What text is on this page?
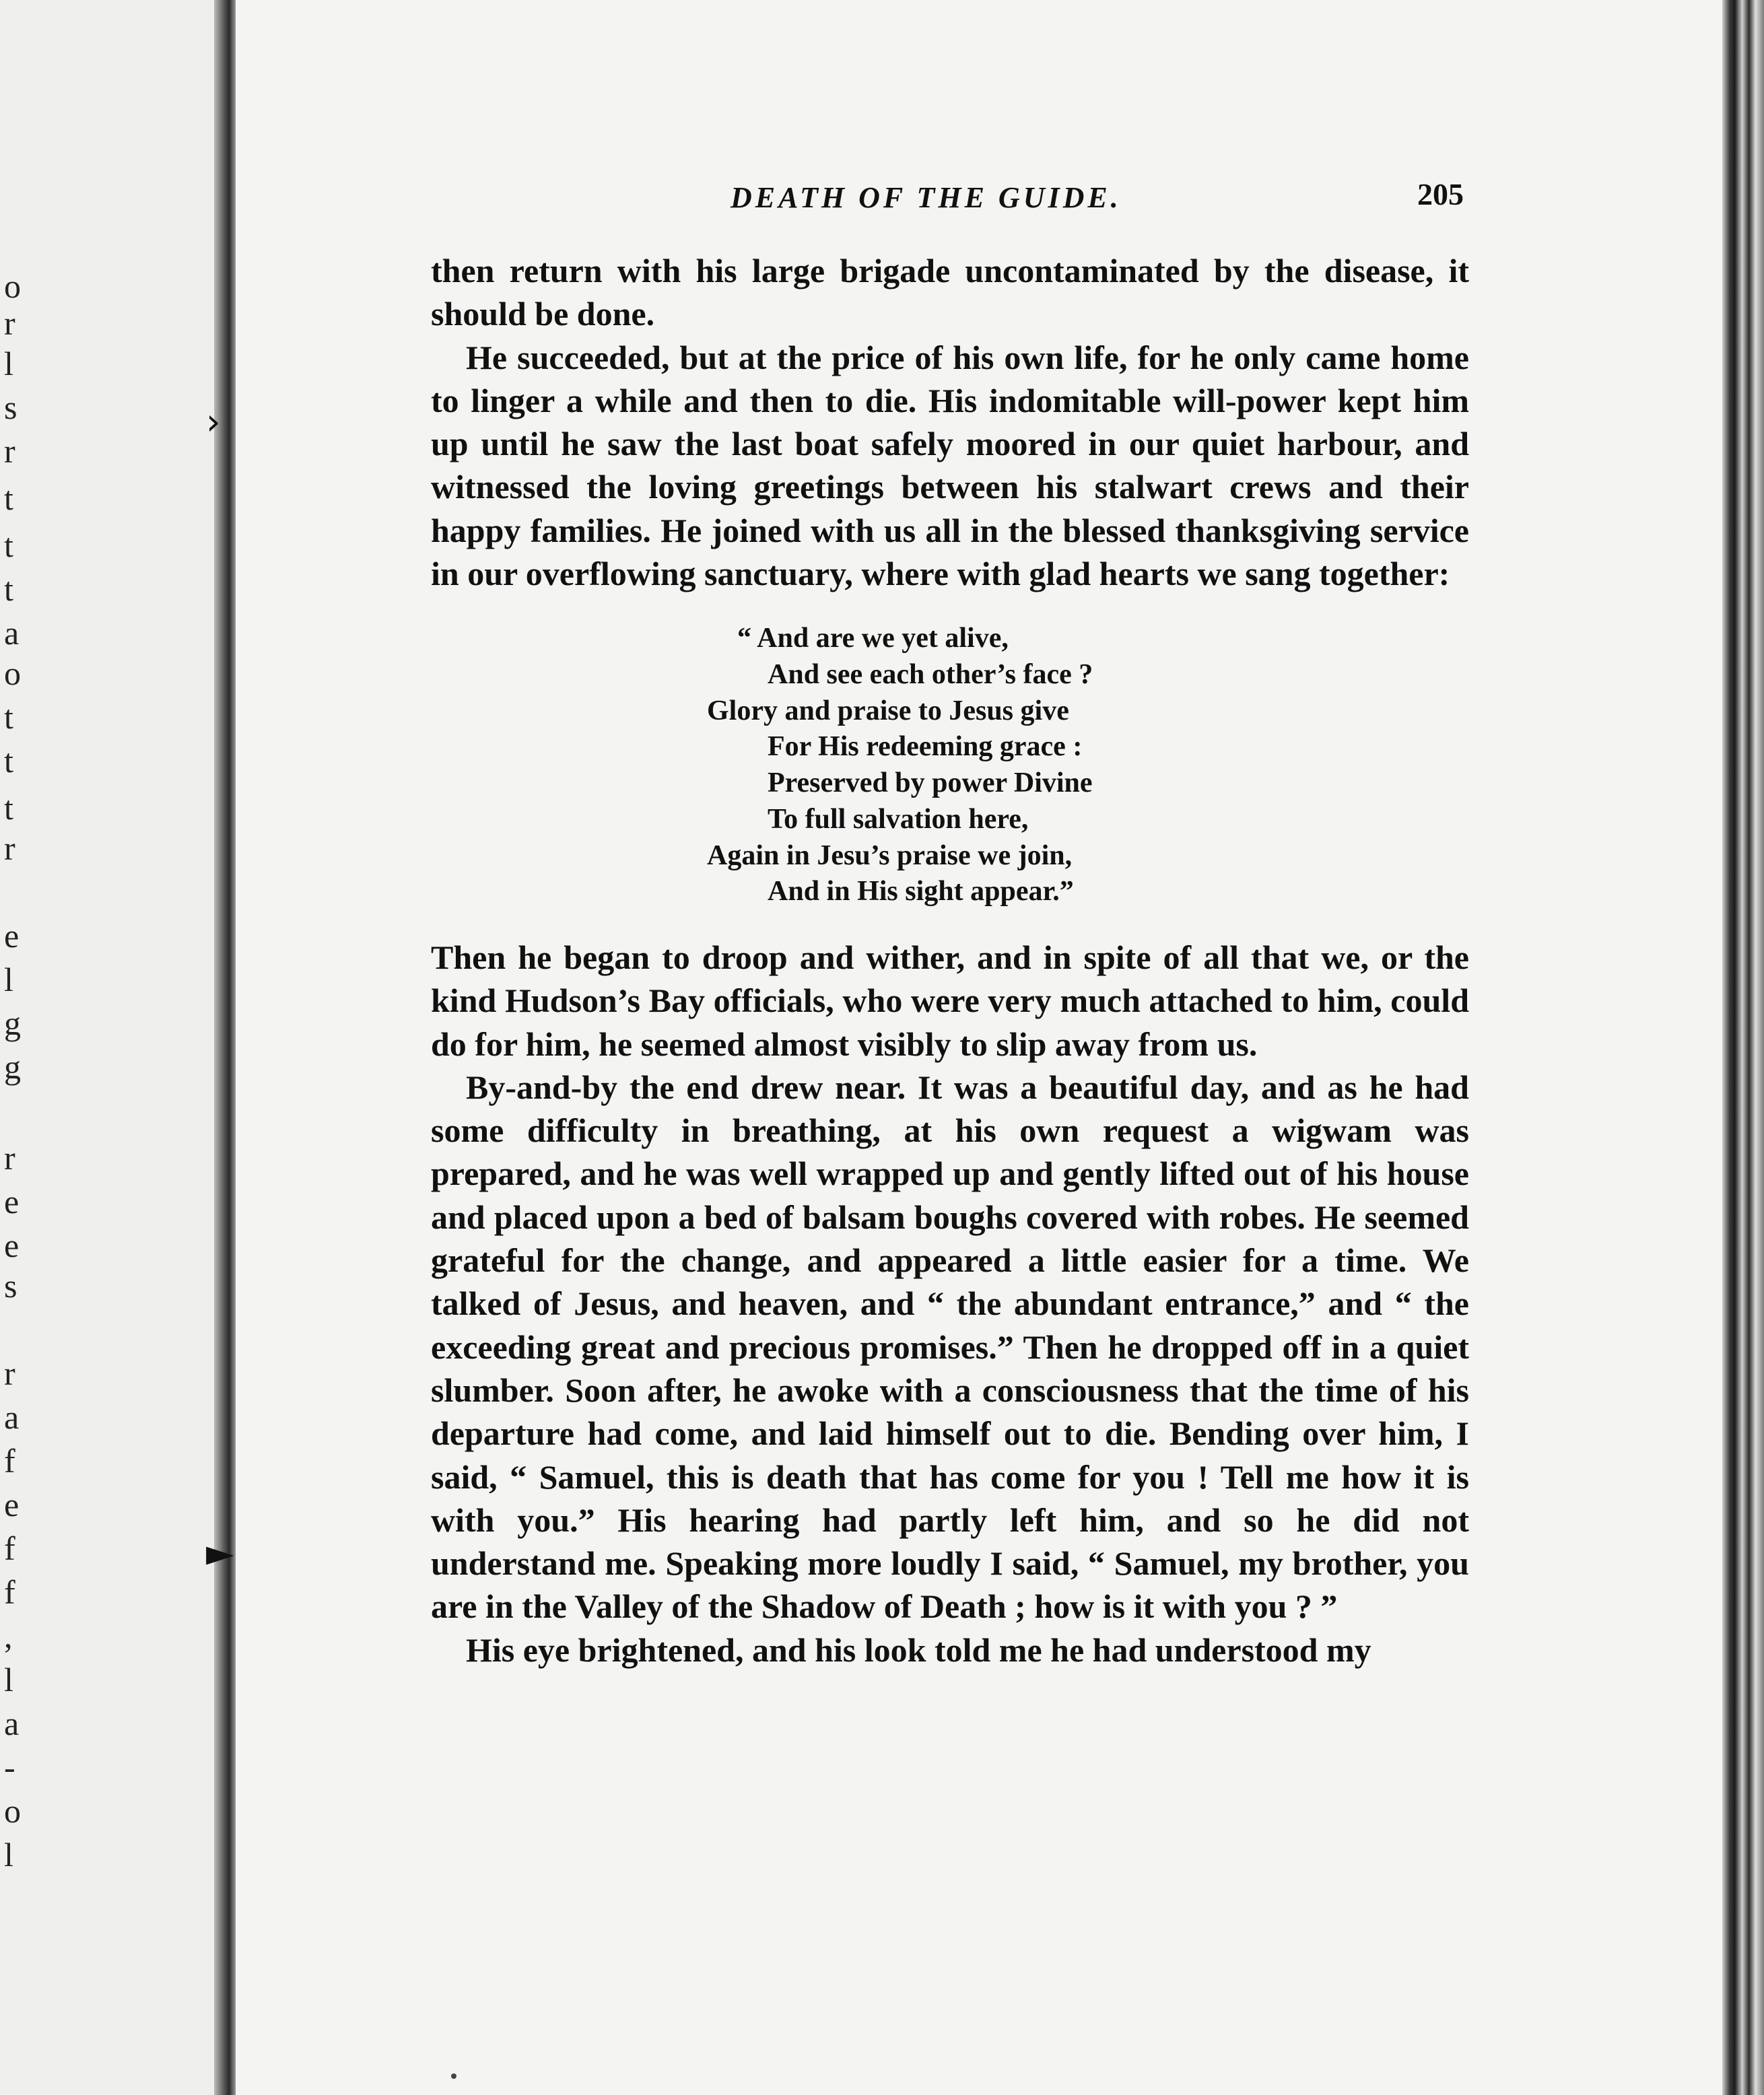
o
r
l
s
r
t
t
t
a
o
t
t
t
r
e
l
g
g
r
e
e
s
r
a
f
e
f
f
,
l
a
-
o
l
›
►
DEATH OF THE GUIDE.	205

then return with his large brigade uncontaminated by the disease, it should be done.

He succeeded, but at the price of his own life, for he only came home to linger a while and then to die. His indomitable will-power kept him up until he saw the last boat safely moored in our quiet harbour, and witnessed the loving greetings between his stalwart crews and their happy families. He joined with us all in the blessed thanksgiving service in our overflowing sanctuary, where with glad hearts we sang together:

“ And are we yet alive,
And see each other’s face ?
Glory and praise to Jesus give
For His redeeming grace :
Preserved by power Divine
To full salvation here,
Again in Jesu’s praise we join,
And in His sight appear.”

Then he began to droop and wither, and in spite of all that we, or the kind Hudson’s Bay officials, who were very much attached to him, could do for him, he seemed almost visibly to slip away from us.

By-and-by the end drew near. It was a beautiful day, and as he had some difficulty in breathing, at his own request a wigwam was prepared, and he was well wrapped up and gently lifted out of his house and placed upon a bed of balsam boughs covered with robes. He seemed grateful for the change, and appeared a little easier for a time. We talked of Jesus, and heaven, and “ the abundant entrance,” and “ the exceeding great and precious promises.” Then he dropped off in a quiet slumber. Soon after, he awoke with a consciousness that the time of his departure had come, and laid himself out to die. Bending over him, I said, “ Samuel, this is death that has come for you ! Tell me how it is with you.” His hearing had partly left him, and so he did not understand me. Speaking more loudly I said, “ Samuel, my brother, you are in the Valley of the Shadow of Death ; how is it with you ? ”

His eye brightened, and his look told me he had understood my
